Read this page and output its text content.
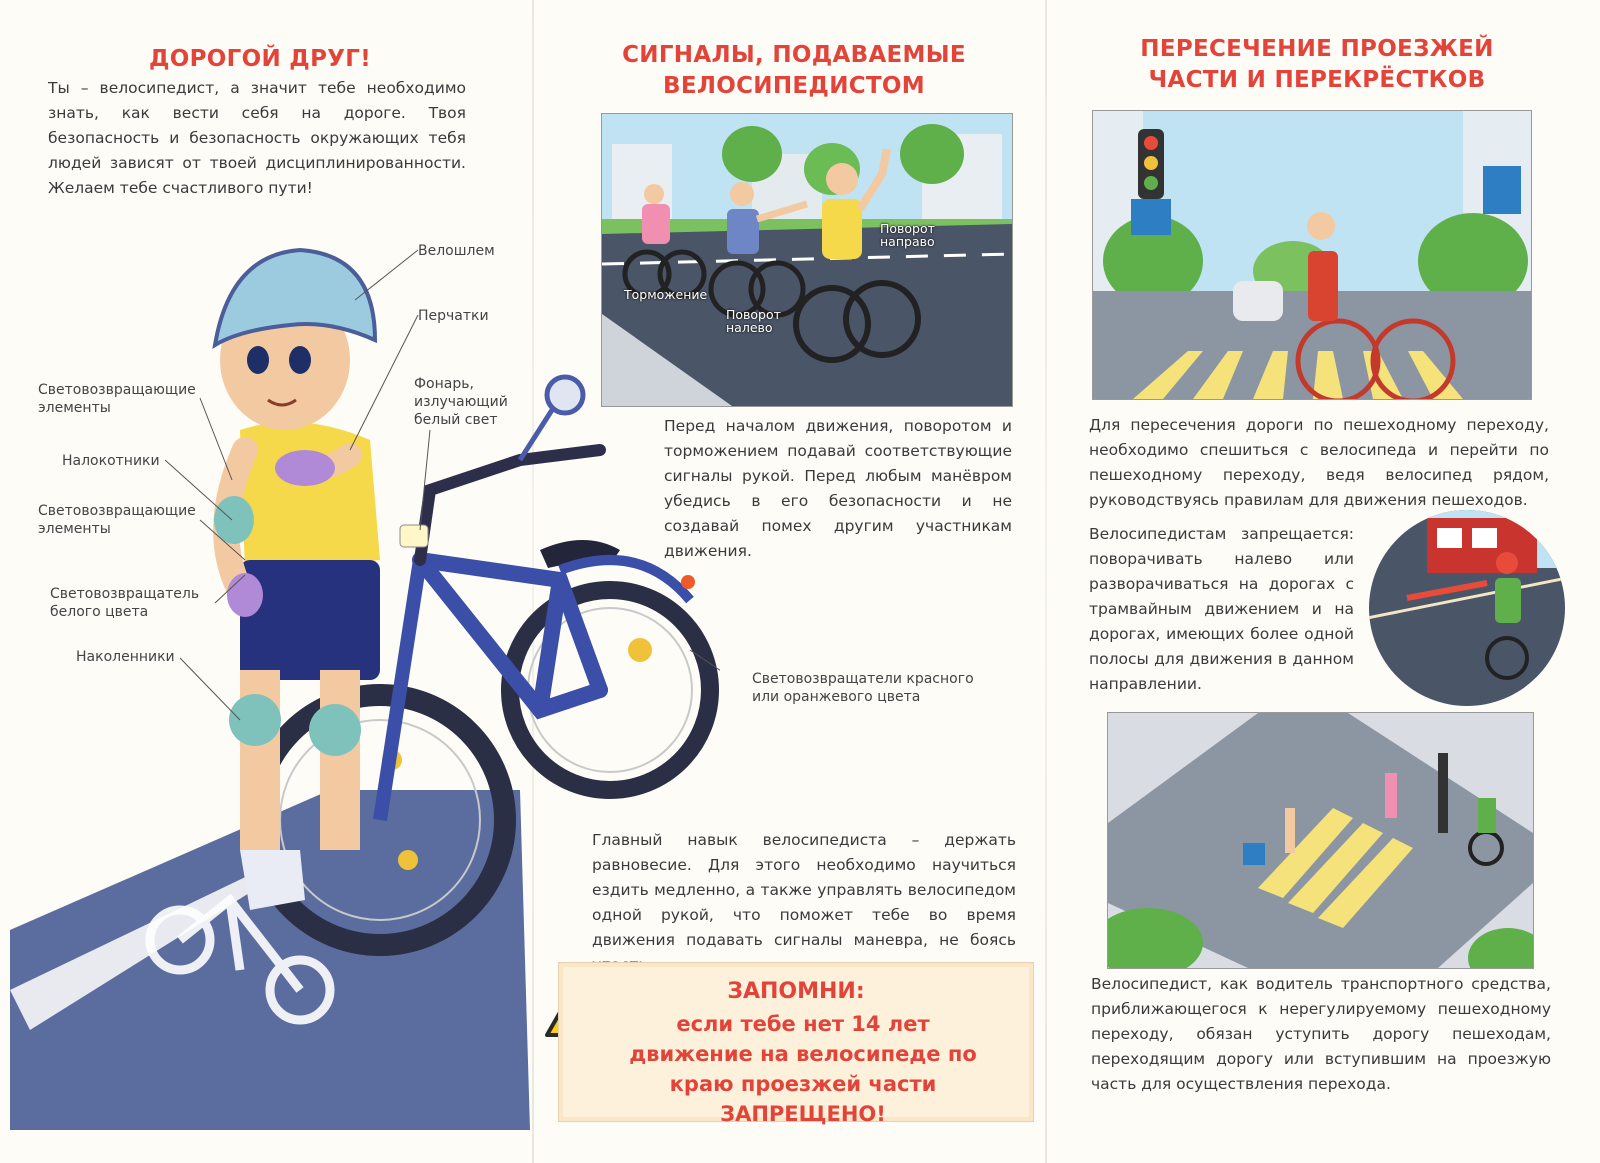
ДОРОГОЙ ДРУГ!

Ты – велосипедист, а значит тебе необходимо знать, как вести себя на дороге. Твоя безопасность и безопасность окружающих тебя людей зависят от твоей дисциплинированности. Желаем тебе счастливого пути!

Велошлем
Перчатки
Фонарь, излучающий белый свет
Световозвращающие элементы
Налокотники
Световозвращающие элементы
Световозвращатель белого цвета
Наколенники
Световозвращатели красного или оранжевого цвета
СИГНАЛЫ, ПОДАВАЕМЫЕ ВЕЛОСИПЕДИСТОМ
Торможение
Поворот налево
Поворот направо

Перед началом движения, поворотом и торможением подавай соответствующие сигналы рукой. Перед любым манёвром убедись в его безопасности и не создавай помех другим участникам движения.

Главный навык велосипедиста – держать равновесие. Для этого необходимо научиться ездить медленно, а также управлять велосипедом одной рукой, что поможет тебе во время движения подавать сигналы маневра, не боясь

ЗАПОМНИ:
если тебе нет 14 лет движение на велосипеде по краю проезжей части ЗАПРЕЩЕНО!
ПЕРЕСЕЧЕНИЕ ПРОЕЗЖЕЙ ЧАСТИ И ПЕРЕКРЁСТКОВ

Для пересечения дороги по пешеходному переходу, необходимо спешиться с велосипеда и перейти по пешеходному переходу, ведя велосипед рядом, руководствуясь правилам для движения пешеходов.

Велосипедистам запрещается: поворачивать налево или разворачиваться на дорогах с трамвайным движением и на дорогах, имеющих более одной полосы для движения в данном направлении.

Велосипедист, как водитель транспортного средства, приближающегося к нерегулируемому пешеходному переходу, обязан уступить дорогу пешеходам, переходящим дорогу или вступившим на проезжую часть для осуществления перехода.
